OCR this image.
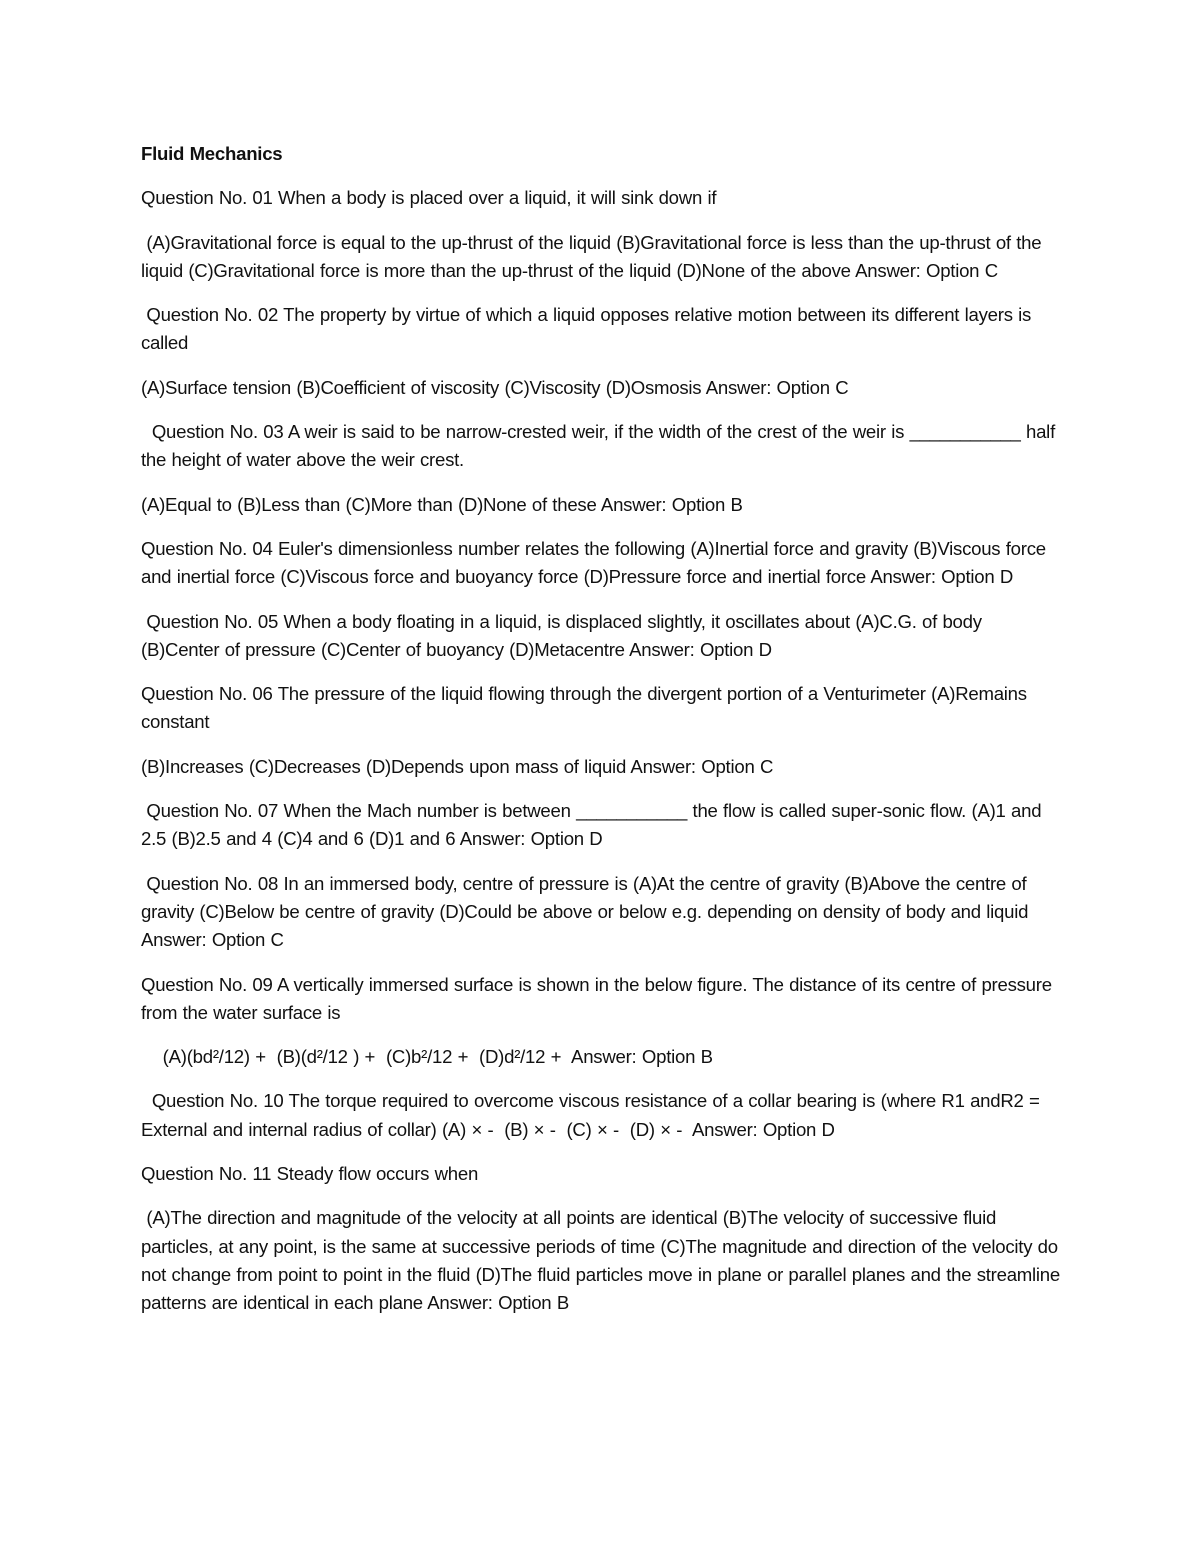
Fluid Mechanics
Question No. 01 When a body is placed over a liquid, it will sink down if
(A)Gravitational force is equal to the up-thrust of the liquid (B)Gravitational force is less than the up-thrust of the liquid (C)Gravitational force is more than the up-thrust of the liquid (D)None of the above Answer: Option C
Question No. 02 The property by virtue of which a liquid opposes relative motion between its different layers is called
(A)Surface tension (B)Coefficient of viscosity (C)Viscosity (D)Osmosis Answer: Option C
Question No. 03 A weir is said to be narrow-crested weir, if the width of the crest of the weir is ___________ half the height of water above the weir crest.
(A)Equal to (B)Less than (C)More than (D)None of these Answer: Option B
Question No. 04 Euler's dimensionless number relates the following (A)Inertial force and gravity (B)Viscous force and inertial force (C)Viscous force and buoyancy force (D)Pressure force and inertial force Answer: Option D
Question No. 05 When a body floating in a liquid, is displaced slightly, it oscillates about (A)C.G. of body (B)Center of pressure (C)Center of buoyancy (D)Metacentre Answer: Option D
Question No. 06 The pressure of the liquid flowing through the divergent portion of a Venturimeter (A)Remains constant
(B)Increases (C)Decreases (D)Depends upon mass of liquid Answer: Option C
Question No. 07 When the Mach number is between ___________ the flow is called super-sonic flow. (A)1 and 2.5 (B)2.5 and 4 (C)4 and 6 (D)1 and 6 Answer: Option D
Question No. 08 In an immersed body, centre of pressure is (A)At the centre of gravity (B)Above the centre of gravity (C)Below be centre of gravity (D)Could be above or below e.g. depending on density of body and liquid Answer: Option C
Question No. 09 A vertically immersed surface is shown in the below figure. The distance of its centre of pressure from the water surface is
(A)(bd²/12) +  (B)(d²/12 ) +  (C)b²/12 +  (D)d²/12 +  Answer: Option B
Question No. 10 The torque required to overcome viscous resistance of a collar bearing is (where R1 andR2 = External and internal radius of collar) (A) × -  (B) × -  (C) × -  (D) × -  Answer: Option D
Question No. 11 Steady flow occurs when
(A)The direction and magnitude of the velocity at all points are identical (B)The velocity of successive fluid particles, at any point, is the same at successive periods of time (C)The magnitude and direction of the velocity do not change from point to point in the fluid (D)The fluid particles move in plane or parallel planes and the streamline patterns are identical in each plane Answer: Option B
